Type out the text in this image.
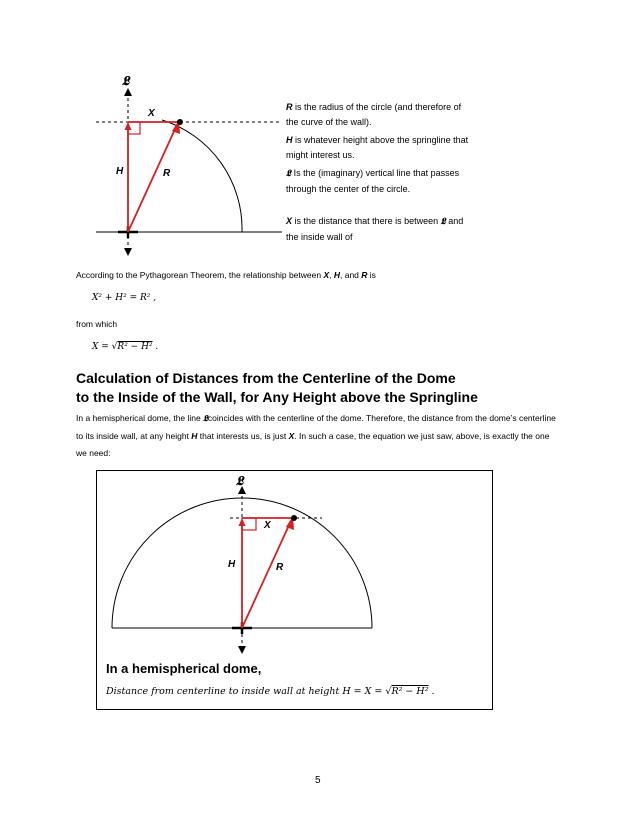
𝕷
X
H	R
R is the radius of the circle (and therefore of the curve of the wall).
H is whatever height above the springline that might interest us.
𝕷 Is the (imaginary) vertical line that passes through the center of the circle.
X is the distance that there is between 𝕷 and the inside wall of
According to the Pythagorean Theorem, the relationship between X, H, and R is
X² + H² = R² ,
from which
X = √R² − H² .
Calculation of Distances from the Centerline of the Dome
to the Inside of the Wall, for Any Height above the Springline
In a hemispherical dome, the line 𝕷coincides with the centerline of the dome. Therefore, the distance from the dome’s centerline to its inside wall, at any height H that interests us, is just X. In such a case, the equation we just saw, above, is exactly the one we need:
𝕷
X
H	R
In a hemispherical dome,
Distance from centerline to inside wall at height H = X = √R² − H² .
5
